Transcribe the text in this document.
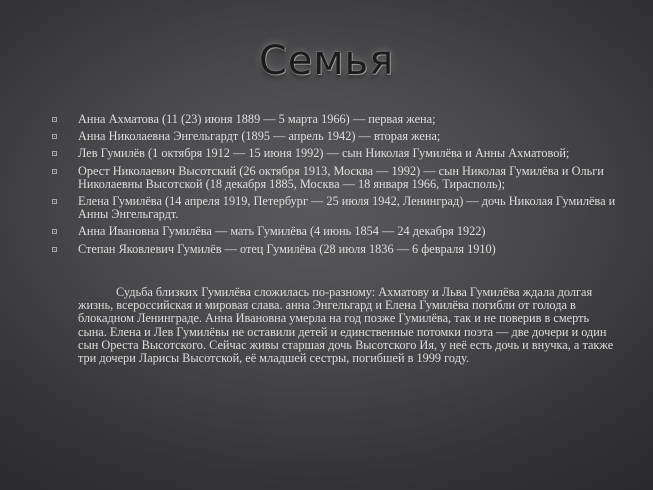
Семья
Анна Ахматова (11 (23) июня 1889 — 5 марта 1966) — первая жена;
Анна Николаевна Энгельгардт (1895 — апрель 1942) — вторая жена;
Лев Гумилёв (1 октября 1912 — 15 июня 1992) — сын Николая Гумилёва и Анны Ахматовой;
Орест Николаевич Высотский (26 октября 1913, Москва — 1992) — сын Николая Гумилёва и Ольги Николаевны Высотской (18 декабря 1885, Москва — 18 января 1966, Тирасполь);
Елена Гумилёва (14 апреля 1919, Петербург — 25 июля 1942, Ленинград) — дочь Николая Гумилёва и Анны Энгельгардт.
Анна Ивановна Гумилёва — мать Гумилёва (4 июнь 1854 — 24 декабря 1922)
Степан Яковлевич Гумилёв — отец Гумилёва (28 июля 1836 — 6 февраля 1910)

Судьба близких Гумилёва сложилась по-разному: Ахматову и Льва Гумилёва ждала долгая жизнь, всероссийская и мировая слава. анна Энгельгард и Елена Гумилёва погибли от голода в блокадном Ленинграде. Анна Ивановна умерла на год позже Гумилёва, так и не поверив в смерть сына. Елена и Лев Гумилёвы не оставили детей и единственные потомки поэта — две дочери и один сын Ореста Высотского. Сейчас живы старшая дочь Высотского Ия, у неё есть дочь и внучка, а также три дочери Ларисы Высотской, её младшей сестры, погибшей в 1999 году.
